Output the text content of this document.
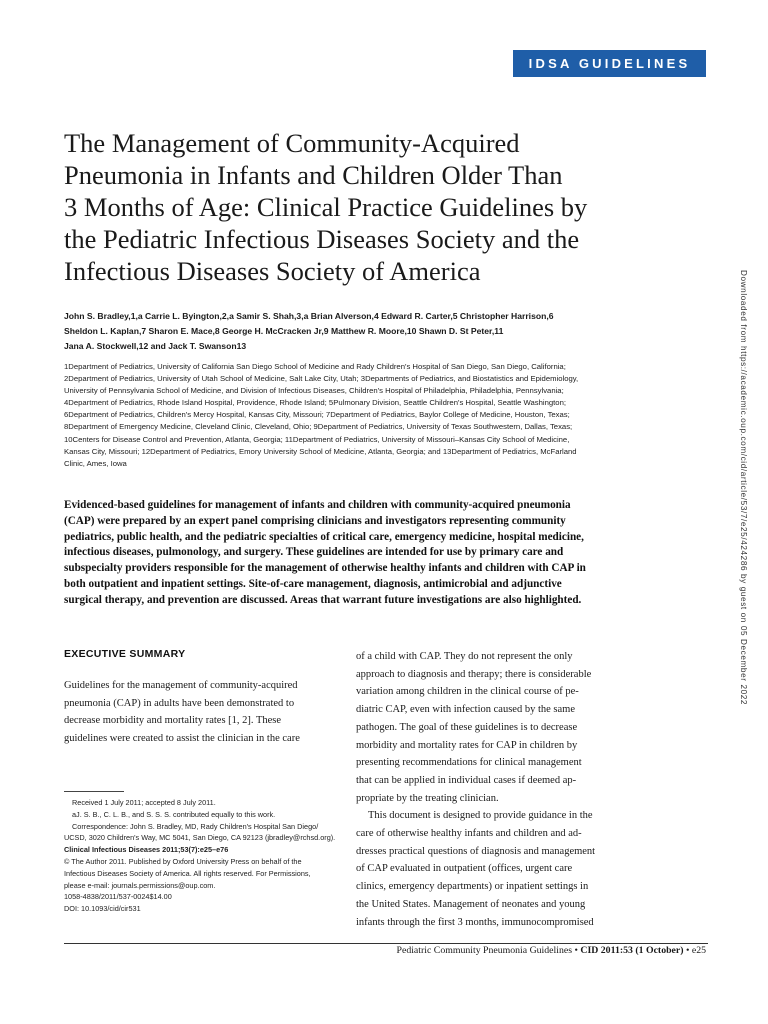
IDSA GUIDELINES
The Management of Community-Acquired
Pneumonia in Infants and Children Older Than
3 Months of Age: Clinical Practice Guidelines by
the Pediatric Infectious Diseases Society and the
Infectious Diseases Society of America
John S. Bradley,1,a Carrie L. Byington,2,a Samir S. Shah,3,a Brian Alverson,4 Edward R. Carter,5 Christopher Harrison,6
Sheldon L. Kaplan,7 Sharon E. Mace,8 George H. McCracken Jr,9 Matthew R. Moore,10 Shawn D. St Peter,11
Jana A. Stockwell,12 and Jack T. Swanson13
1Department of Pediatrics, University of California San Diego School of Medicine and Rady Children's Hospital of San Diego, San Diego, California;
2Department of Pediatrics, University of Utah School of Medicine, Salt Lake City, Utah; 3Departments of Pediatrics, and Biostatistics and Epidemiology,
University of Pennsylvania School of Medicine, and Division of Infectious Diseases, Children's Hospital of Philadelphia, Philadelphia, Pennsylvania;
4Department of Pediatrics, Rhode Island Hospital, Providence, Rhode Island; 5Pulmonary Division, Seattle Children's Hospital, Seattle Washington;
6Department of Pediatrics, Children's Mercy Hospital, Kansas City, Missouri; 7Department of Pediatrics, Baylor College of Medicine, Houston, Texas;
8Department of Emergency Medicine, Cleveland Clinic, Cleveland, Ohio; 9Department of Pediatrics, University of Texas Southwestern, Dallas, Texas;
10Centers for Disease Control and Prevention, Atlanta, Georgia; 11Department of Pediatrics, University of Missouri–Kansas City School of Medicine,
Kansas City, Missouri; 12Department of Pediatrics, Emory University School of Medicine, Atlanta, Georgia; and 13Department of Pediatrics, McFarland
Clinic, Ames, Iowa
Evidenced-based guidelines for management of infants and children with community-acquired pneumonia
(CAP) were prepared by an expert panel comprising clinicians and investigators representing community
pediatrics, public health, and the pediatric specialties of critical care, emergency medicine, hospital medicine,
infectious diseases, pulmonology, and surgery. These guidelines are intended for use by primary care and
subspecialty providers responsible for the management of otherwise healthy infants and children with CAP in
both outpatient and inpatient settings. Site-of-care management, diagnosis, antimicrobial and adjunctive
surgical therapy, and prevention are discussed. Areas that warrant future investigations are also highlighted.
EXECUTIVE SUMMARY
Guidelines for the management of community-acquired
pneumonia (CAP) in adults have been demonstrated to
decrease morbidity and mortality rates [1, 2]. These
guidelines were created to assist the clinician in the care
Received 1 July 2011; accepted 8 July 2011.
aJ. S. B., C. L. B., and S. S. S. contributed equally to this work.
Correspondence: John S. Bradley, MD, Rady Children's Hospital San Diego/
UCSD, 3020 Children's Way, MC 5041, San Diego, CA 92123 (jbradley@rchsd.org).
Clinical Infectious Diseases 2011;53(7):e25–e76
© The Author 2011. Published by Oxford University Press on behalf of the
Infectious Diseases Society of America. All rights reserved. For Permissions,
please e-mail: journals.permissions@oup.com.
1058-4838/2011/537-0024$14.00
DOI: 10.1093/cid/cir531
of a child with CAP. They do not represent the only
approach to diagnosis and therapy; there is considerable
variation among children in the clinical course of pe-
diatric CAP, even with infection caused by the same
pathogen. The goal of these guidelines is to decrease
morbidity and mortality rates for CAP in children by
presenting recommendations for clinical management
that can be applied in individual cases if deemed ap-
propriate by the treating clinician.
This document is designed to provide guidance in the
care of otherwise healthy infants and children and ad-
dresses practical questions of diagnosis and management
of CAP evaluated in outpatient (offices, urgent care
clinics, emergency departments) or inpatient settings in
the United States. Management of neonates and young
infants through the first 3 months, immunocompromised
Pediatric Community Pneumonia Guidelines • CID 2011:53 (1 October) • e25
Downloaded from https://academic.oup.com/cid/article/53/7/e25/424286 by guest on 05 December 2022
